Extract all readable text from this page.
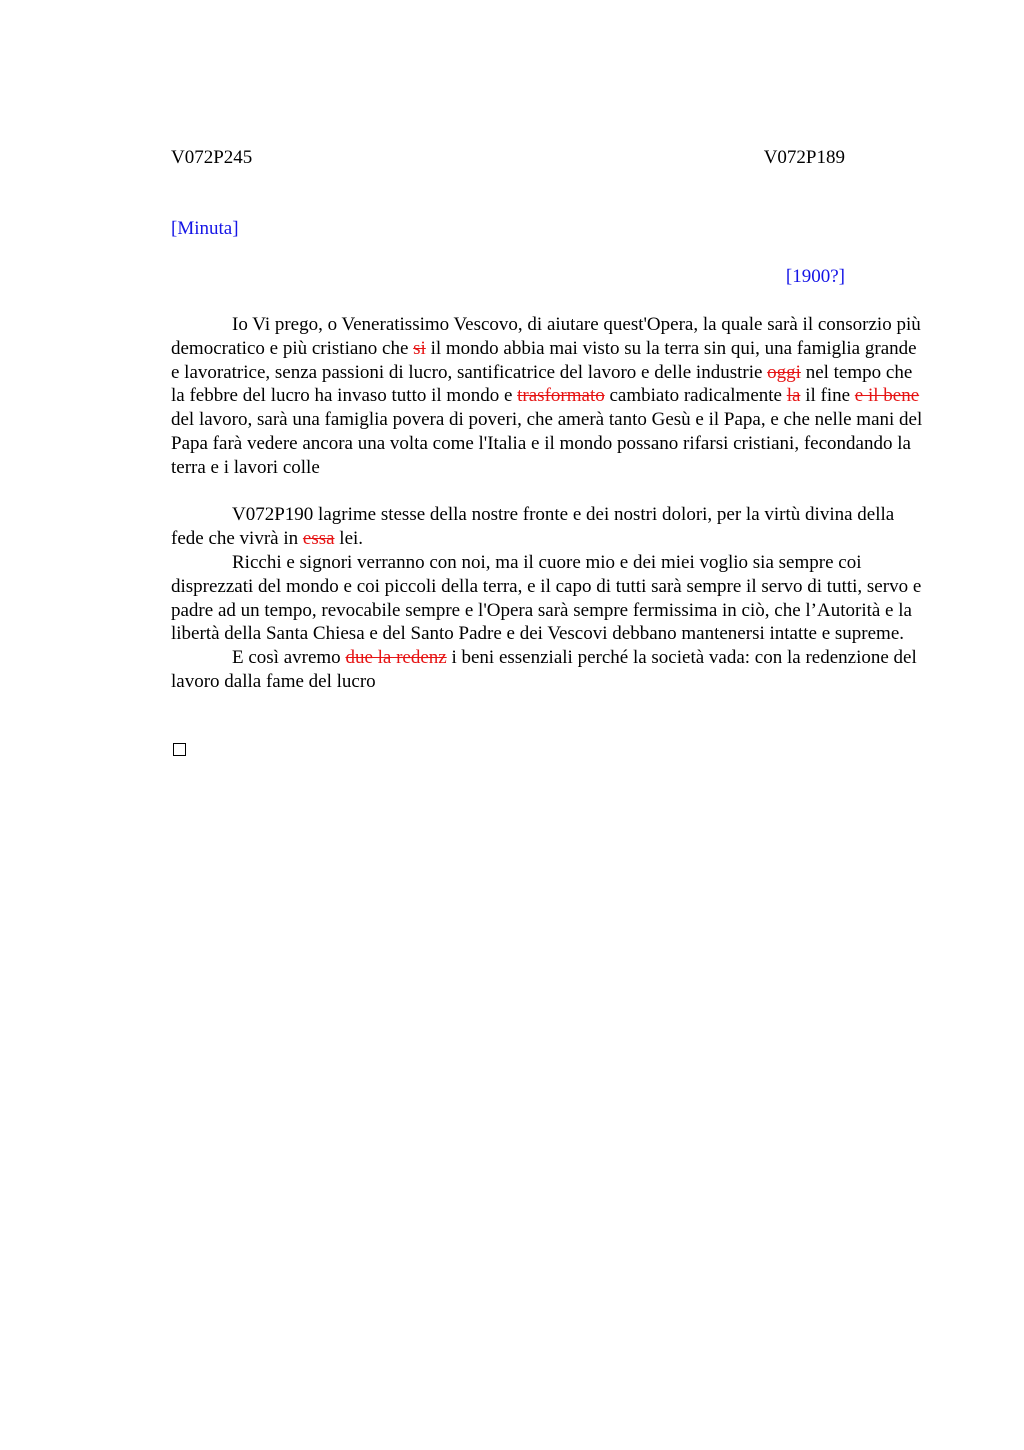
V072P245	V072P189
[Minuta]
[1900?]

Io Vi prego, o Veneratissimo Vescovo, di aiutare quest'Opera, la quale sarà il consorzio più democratico e più cristiano che si il mondo abbia mai visto su la terra sin qui, una famiglia grande e lavoratrice, senza passioni di lucro, santificatrice del lavoro e delle industrie oggi nel tempo che la febbre del lucro ha invaso tutto il mondo e trasformato cambiato radicalmente la il fine e il bene del lavoro, sarà una famiglia povera di poveri, che amerà tanto Gesù e il Papa, e che nelle mani del Papa farà vedere ancora una volta come l'Italia e il mondo possano rifarsi cristiani, fecondando la terra e i lavori colle

V072P190 lagrime stesse della nostre fronte e dei nostri dolori, per la virtù divina della fede che vivrà in essa lei.

Ricchi e signori verranno con noi, ma il cuore mio e dei miei voglio sia sempre coi disprezzati del mondo e coi piccoli della terra, e il capo di tutti sarà sempre il servo di tutti, servo e padre ad un tempo, revocabile sempre e l'Opera sarà sempre fermissima in ciò, che l’Autorità e la libertà della Santa Chiesa e del Santo Padre e dei Vescovi debbano mantenersi intatte e supreme.

E così avremo due la redenz i beni essenziali perché la società vada: con la redenzione del lavoro dalla fame del lucro
